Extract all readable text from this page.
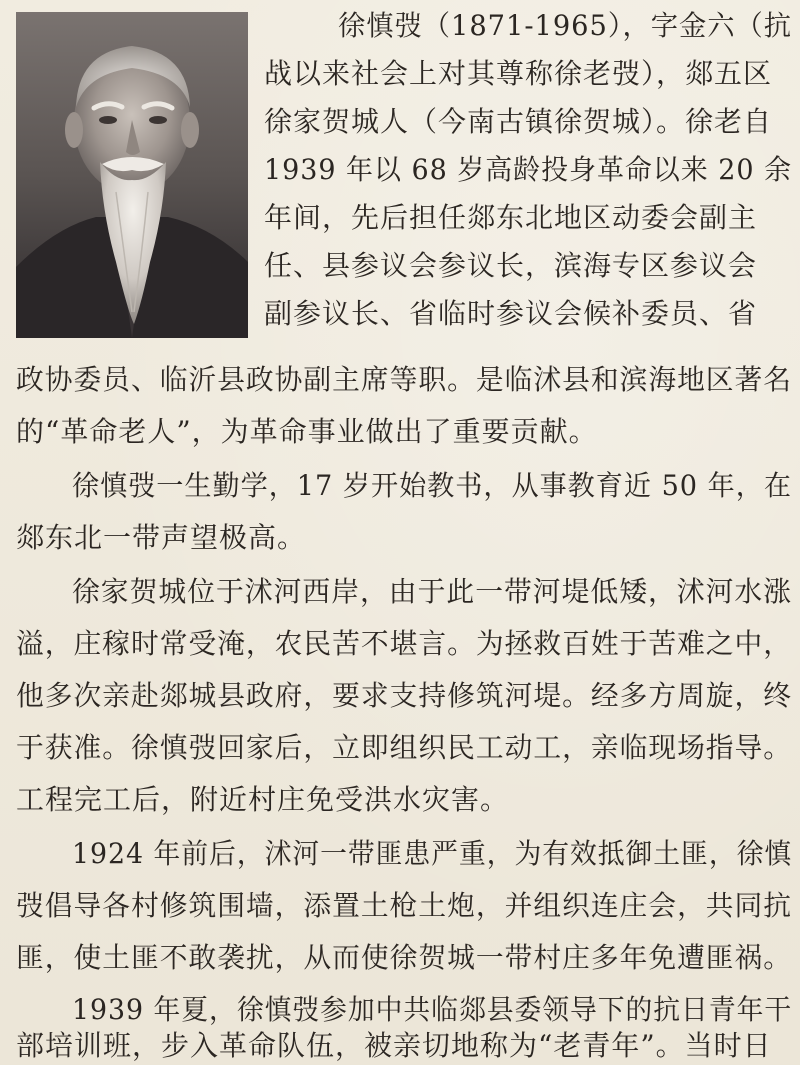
徐慎弢（1871-1965），字金六（抗
战以来社会上对其尊称徐老弢），郯五区
徐家贺城人（今南古镇徐贺城）。徐老自
1939 年以 68 岁高龄投身革命以来 20 余
年间，先后担任郯东北地区动委会副主
任、县参议会参议长，滨海专区参议会
副参议长、省临时参议会候补委员、省
政协委员、临沂县政协副主席等职。是临沭县和滨海地区著名
的“革命老人”，为革命事业做出了重要贡献。
徐慎弢一生勤学，17 岁开始教书，从事教育近 50 年，在
郯东北一带声望极高。
徐家贺城位于沭河西岸，由于此一带河堤低矮，沭河水涨
溢，庄稼时常受淹，农民苦不堪言。为拯救百姓于苦难之中，
他多次亲赴郯城县政府，要求支持修筑河堤。经多方周旋，终
于获准。徐慎弢回家后，立即组织民工动工，亲临现场指导。
工程完工后，附近村庄免受洪水灾害。
1924 年前后，沭河一带匪患严重，为有效抵御土匪，徐慎
弢倡导各村修筑围墙，添置土枪土炮，并组织连庄会，共同抗
匪，使土匪不敢袭扰，从而使徐贺城一带村庄多年免遭匪祸。
1939 年夏，徐慎弢参加中共临郯县委领导下的抗日青年干
部培训班，步入革命队伍，被亲切地称为“老青年”。当时日
